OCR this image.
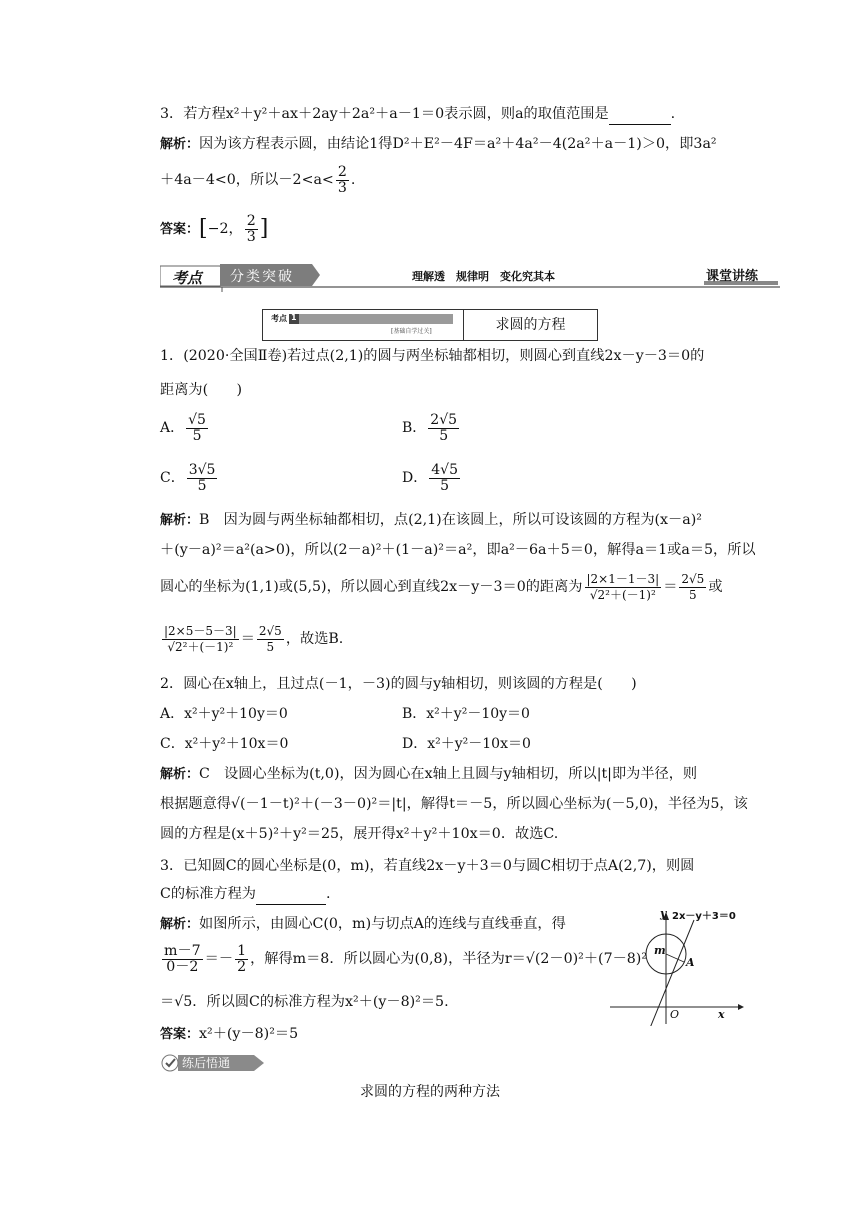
3．若方程x²＋y²＋ax＋2ay＋2a²＋a－1＝0表示圆，则a的取值范围是	.
解析：因为该方程表示圆，由结论1得D²＋E²－4F＝a²＋4a²－4(2a²＋a－1)＞0，即3a²
＋4a－4<0，所以$-2<a< \frac{2}{3}$ .
答案：[−2， $\frac{2}{3}$ ]
考点 分类突破	理解透　规律明　变化究其本	课堂讲练
考点 1
[基础自学过关]	求圆的方程
1．(2020·全国Ⅱ卷)若过点(2,1)的圆与两坐标轴都相切，则圆心到直线2x－y－3＝0的
距离为(　　)
A． $\frac{√5}{5}$	B． $\frac{2√5}{5}$
C． $\frac{3√5}{5}$	D． $\frac{4√5}{5}$
解析：B　因为圆与两坐标轴都相切，点(2,1)在该圆上，所以可设该圆的方程为(x－a)²
＋(y－a)²＝a²(a>0)，所以(2－a)²＋(1－a)²＝a²，即a²－6a＋5＝0，解得a＝1或a＝5，所以
圆心的坐标为(1,1)或(5,5)，所以圆心到直线2x－y－3＝0的距离为 $\frac{|2\times 1-1-3|}{\text{√2²＋(－1)²}} = \frac{2√5}{5}$ 或
$\frac{|2\times 5-5-3|}{\text{√2²＋(－1)²}} = \frac{2√5}{5}$ ，故选B.
2．圆心在x轴上，且过点(－1，－3)的圆与y轴相切，则该圆的方程是(　　)
A．x²＋y²＋10y＝0	B．x²＋y²－10y＝0
C．x²＋y²＋10x＝0	D．x²＋y²－10x＝0
解析：C　设圆心坐标为(t,0)，因为圆心在x轴上且圆与y轴相切，所以|t|即为半径，则
根据题意得√(－1－t)²＋(－3－0)²＝|t|，解得t＝－5，所以圆心坐标为(－5,0)，半径为5，该
圆的方程是(x＋5)²＋y²＝25，展开得x²＋y²＋10x＝0．故选C.
3．已知圆C的圆心坐标是(0，m)，若直线2x－y＋3＝0与圆C相切于点A(2,7)，则圆
C的标准方程为	.
解析：如图所示，由圆心C(0，m)与切点A的连线与直线垂直，得
$\frac{m-7}{0-2} =- \frac{1}{2}$ ，解得m＝8．所以圆心为(0,8)，半径为r＝√(2－0)²＋(7－8)²
＝√5．所以圆C的标准方程为x²＋(y－8)²＝5.
答案：x²＋(y－8)²＝5
y 2x－y＋3＝0
m
A
O	x
练后悟通
求圆的方程的两种方法
